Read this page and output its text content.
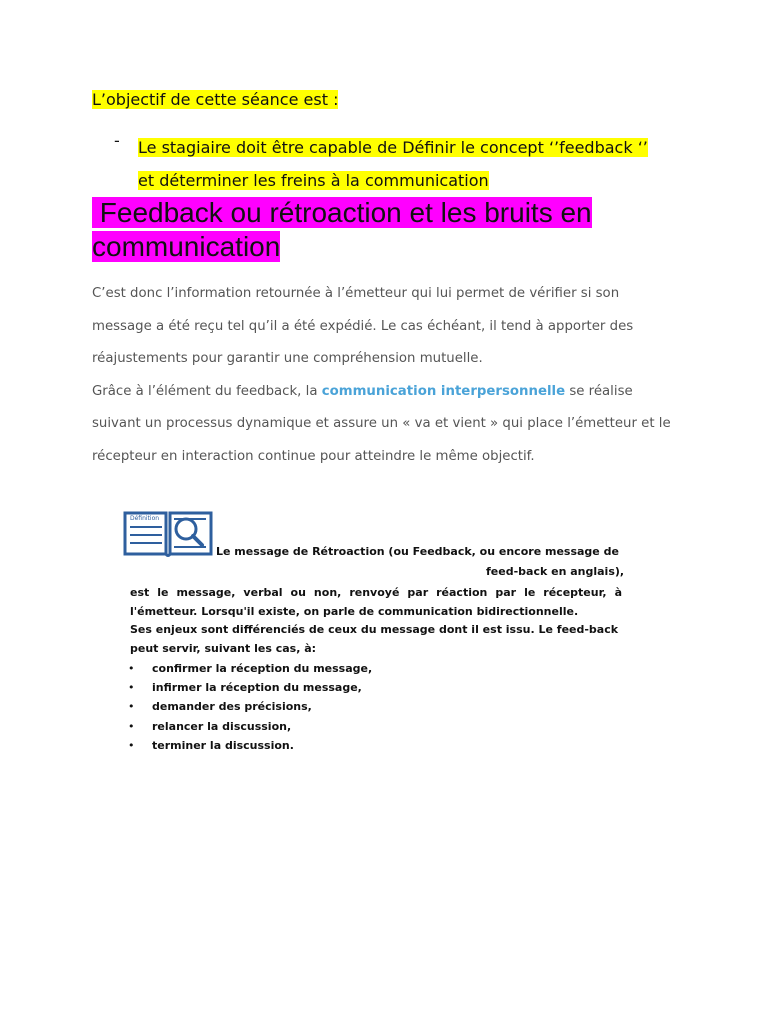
L’objectif de cette séance est :
- Le stagiaire doit être capable de Définir le concept ‘’feedback ‘’
et déterminer les freins à la communication
Feedback ou rétroaction et les bruits en
communication

C’est donc l’information retournée à l’émetteur qui lui permet de vérifier si son message a été reçu tel qu’il a été expédié. Le cas échéant, il tend à apporter des réajustements pour garantir une compréhension mutuelle.

Grâce à l’élément du feedback, la communication interpersonnelle se réalise suivant un processus dynamique et assure un « va et vient » qui place l’émetteur et le récepteur en interaction continue pour atteindre le même objectif.

Définition
Le message de Rétroaction (ou Feedback, ou encore message de
feed-back en anglais),

est le message, verbal ou non, renvoyé par réaction par le récepteur, à l'émetteur. Lorsqu'il existe, on parle de communication bidirectionnelle.

Ses enjeux sont différenciés de ceux du message dont il est issu. Le feed-back peut servir, suivant les cas, à:

• confirmer la réception du message,
• infirmer la réception du message,
• demander des précisions,
• relancer la discussion,
• terminer la discussion.
